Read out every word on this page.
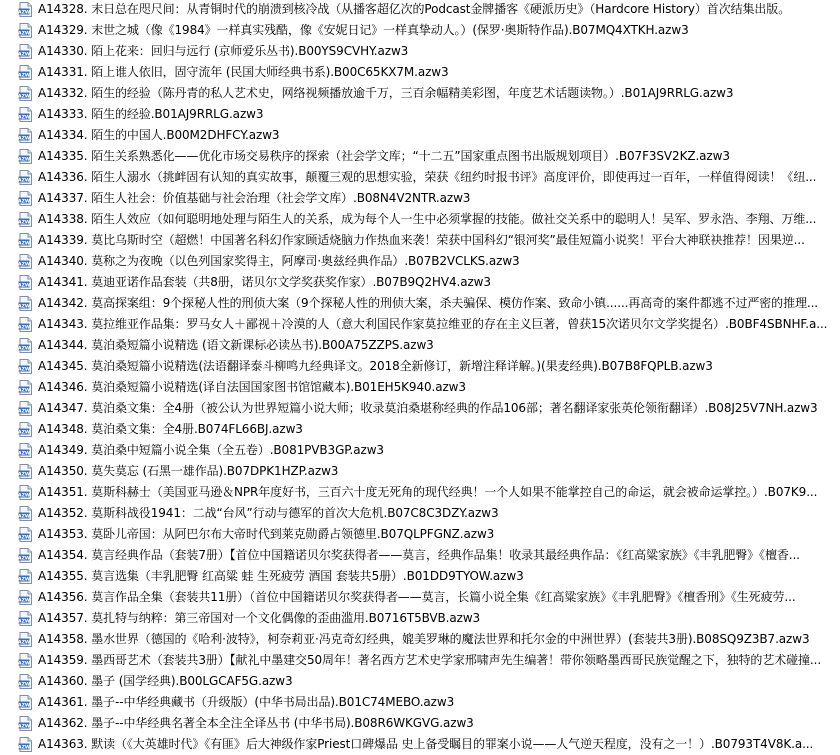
AZW A14328. 末日总在咫尺间：从青铜时代的崩溃到核冷战（从播客超亿次的Podcast金牌播客《硬派历史》（Hardcore History）首次结集出版。
AZW A14329. 末世之城（像《1984》一样真实残酷，像《安妮日记》一样真挚动人。）(保罗·奥斯特作品).B07MQ4XTKH.azw3
AZW A14330. 陌上花来：回归与远行 (京师爱乐丛书).B00YS9CVHY.azw3
AZW A14331. 陌上谁人依旧，固守流年 (民国大师经典书系).B00C65KX7M.azw3
AZW A14332. 陌生的经验（陈丹青的私人艺术史，网络视频播放逾千万，三百余幅精美彩图，年度艺术话题读物。）.B01AJ9RRLG.azw3
AZW A14333. 陌生的经验.B01AJ9RRLG.azw3
AZW A14334. 陌生的中国人.B00M2DHFCY.azw3
AZW A14335. 陌生关系熟悉化——优化市场交易秩序的探索（社会学文库；“十二五”国家重点图书出版规划项目）.B07F3SV2KZ.azw3
AZW A14336. 陌生人溺水（挑衅固有认知的真实故事，颠覆三观的思想实验，荣获《纽约时报书评》高度评价，即使再过一百年，一样值得阅读！《纽...
AZW A14337. 陌生人社会：价值基础与社会治理（社会学文库）.B08N4V2NTR.azw3
AZW A14338. 陌生人效应（如何聪明地处理与陌生人的关系，成为每个人一生中必须掌握的技能。做社交关系中的聪明人！吴军、罗永浩、李翔、万维...
AZW A14339. 莫比乌斯时空（超燃！中国著名科幻作家顾适烧脑力作热血来袭！荣获中国科幻“银河奖”最佳短篇小说奖！平台大神联袂推荐！因果逆...
AZW A14340. 莫称之为夜晚（以色列国家奖得主，阿摩司·奥兹经典作品）.B07B2VCLKS.azw3
AZW A14341. 莫迪亚诺作品套装（共8册，诺贝尔文学奖获奖作家）.B07B9Q2HV4.azw3
AZW A14342. 莫高探案组：9个探秘人性的刑侦大案（9个探秘人性的刑侦大案，杀夫骗保、模仿作案、致命小镇......再高奇的案件都逃不过严密的推理...
AZW A14343. 莫拉维亚作品集：罗马女人＋鄙视＋冷漠的人（意大利国民作家莫拉维亚的存在主义巨著，曾获15次诺贝尔文学奖提名）.B0BF4SBNHF.a...
AZW A14344. 莫泊桑短篇小说精选 (语文新课标必读丛书).B00A75ZZPS.azw3
AZW A14345. 莫泊桑短篇小说精选(法语翻译泰斗柳鸣九经典译文。2018全新修订，新增注释详解。)(果麦经典).B07B8FQPLB.azw3
AZW A14346. 莫泊桑短篇小说精选(译自法国国家图书馆馆藏本).B01EH5K940.azw3
AZW A14347. 莫泊桑文集：全4册（被公认为世界短篇小说大师；收录莫泊桑堪称经典的作品106部；著名翻译家张英伦领衔翻译）.B08J25V7NH.azw3
AZW A14348. 莫泊桑文集：全4册.B074FL66BJ.azw3
AZW A14349. 莫泊桑中短篇小说全集（全五卷）.B081PVB3GP.azw3
AZW A14350. 莫失莫忘 (石黑一雄作品).B07DPK1HZP.azw3
AZW A14351. 莫斯科赫士（美国亚马逊＆NPR年度好书，三百六十度无死角的现代经典！一个人如果不能掌控自己的命运，就会被命运掌控。）.B07K9...
AZW A14352. 莫斯科战役1941：二战“台风”行动与德军的首次大危机.B07C8C3DZY.azw3
AZW A14353. 莫卧儿帝国：从阿巴尔布大帝时代到莱克勋爵占领德里.B07QLPFGNZ.azw3
AZW A14354. 莫言经典作品（套装7册）【首位中国籍诺贝尔奖获得者——莫言，经典作品集！收录其最经典作品：《红高粱家族》《丰乳肥臀》《檀香...
AZW A14355. 莫言选集（丰乳肥臀 红高粱 蛙 生死疲劳 酒国 套装共5册）.B01DD9TYOW.azw3
AZW A14356. 莫言作品全集（套装共11册）（首位中国籍诺贝尔奖获得者——莫言，长篇小说全集《红高粱家族》《丰乳肥臀》《檀香刑》《生死疲劳...
AZW A14357. 莫扎特与纳粹：第三帝国对一个文化偶像的歪曲滥用.B0716T5BVB.azw3
AZW A14358. 墨水世界（德国的《哈利·波特》，柯奈莉亚·冯克奇幻经典，媲美罗琳的魔法世界和托尔金的中洲世界）(套装共3册).B08SQ9Z3B7.azw3
AZW A14359. 墨西哥艺术（套装共3册）【献礼中墨建交50周年！著名西方艺术史学家邢啸声先生编著！带你领略墨西哥民族觉醒之下，独特的艺术碰撞...
AZW A14360. 墨子 (国学经典).B00LGCAF5G.azw3
AZW A14361. 墨子--中华经典藏书（升级版）(中华书局出品).B01C74MEBO.azw3
AZW A14362. 墨子--中华经典名著全本全注全译丛书 (中华书局).B08R6WKGVG.azw3
AZW A14363. 默读（《大英雄时代》《有匪》后大神级作家Priest口碑爆品 史上备受瞩目的罪案小说——人气逆天程度，没有之一！）.B0793T4V8K.a...
